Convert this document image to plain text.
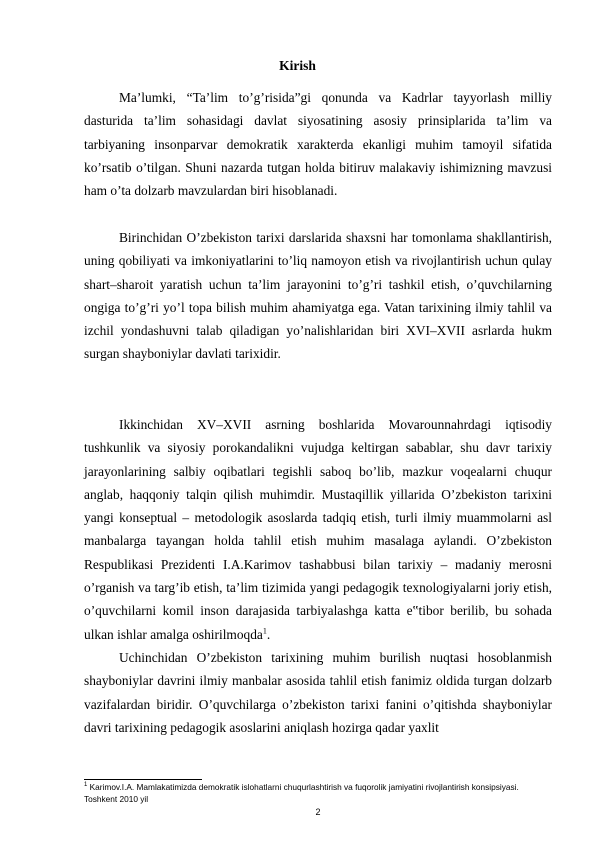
Kirish

Ma’lumki, “Ta’lim to’g’risida”gi qonunda va Kadrlar tayyorlash milliy dasturida ta’lim sohasidagi davlat siyosatining asosiy prinsiplarida ta’lim va tarbiyaning insonparvar demokratik xarakterda ekanligi muhim tamoyil sifatida ko’rsatib o’tilgan. Shuni nazarda tutgan holda bitiruv malakaviy ishimizning mavzusi ham o’ta dolzarb mavzulardan biri hisoblanadi.

Birinchidan O’zbekiston tarixi darslarida shaxsni har tomonlama shakllantirish, uning qobiliyati va imkoniyatlarini to’liq namoyon etish va rivojlantirish uchun qulay shart–sharoit yaratish uchun ta’lim jarayonini to’g’ri tashkil etish, o’quvchilarning ongiga to’g’ri yo’l topa bilish muhim ahamiyatga ega. Vatan tarixining ilmiy tahlil va izchil yondashuvni talab qiladigan yo’nalishlaridan biri XVI–XVII asrlarda hukm surgan shayboniylar davlati tarixidir.

Ikkinchidan XV–XVII asrning boshlarida Movarounnahrdagi iqtisodiy tushkunlik va siyosiy porokandalikni vujudga keltirgan sabablar, shu davr tarixiy jarayonlarining salbiy oqibatlari tegishli saboq bo’lib, mazkur voqealarni chuqur anglab, haqqoniy talqin qilish muhimdir. Mustaqillik yillarida O’zbekiston tarixini yangi konseptual – metodologik asoslarda tadqiq etish, turli ilmiy muammolarni asl manbalarga tayangan holda tahlil etish muhim masalaga aylandi. O’zbekiston Respublikasi Prezidenti I.A.Karimov tashabbusi bilan tarixiy – madaniy merosni o’rganish va targ’ib etish, ta’lim tizimida yangi pedagogik texnologiyalarni joriy etish, o’quvchilarni komil inson darajasida tarbiyalashga katta e‟tibor berilib, bu sohada ulkan ishlar amalga oshirilmoqda$^1$.

Uchinchidan O’zbekiston tarixining muhim burilish nuqtasi hosoblanmish shayboniylar davrini ilmiy manbalar asosida tahlil etish fanimiz oldida turgan dolzarb vazifalardan biridir. O’quvchilarga o’zbekiston tarixi fanini o’qitishda shayboniylar davri tarixining pedagogik asoslarini aniqlash hozirga qadar yaxlit

$^1$ Karimov.I.A. Mamlakatimizda demokratik islohatlarni chuqurlashtirish va fuqorolik jamiyatini rivojlantirish konsipsiyasi. Toshkent 2010 yil

2
